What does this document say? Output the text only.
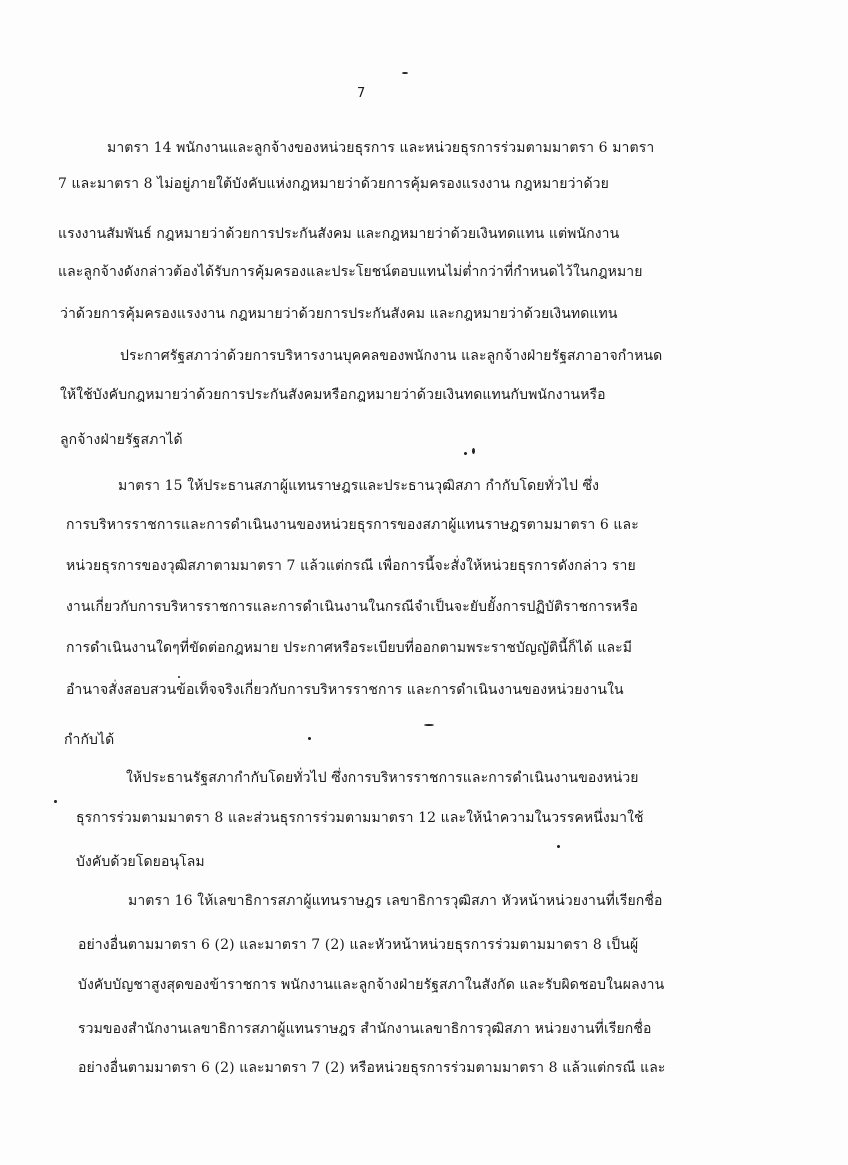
7
มาตรา 14 พนักงานและลูกจ้างของหน่วยธุรการ และหน่วยธุรการร่วมตามมาตรา 6 มาตรา
7 และมาตรา 8 ไม่อยู่ภายใต้บังคับแห่งกฎหมายว่าด้วยการคุ้มครองแรงงาน กฎหมายว่าด้วย
แรงงานสัมพันธ์ กฎหมายว่าด้วยการประกันสังคม และกฎหมายว่าด้วยเงินทดแทน แต่พนักงาน
และลูกจ้างดังกล่าวต้องได้รับการคุ้มครองและประโยชน์ตอบแทนไม่ต่ำกว่าที่กำหนดไว้ในกฎหมาย
ว่าด้วยการคุ้มครองแรงงาน กฎหมายว่าด้วยการประกันสังคม และกฎหมายว่าด้วยเงินทดแทน
ประกาศรัฐสภาว่าด้วยการบริหารงานบุคคลของพนักงาน และลูกจ้างฝ่ายรัฐสภาอาจกำหนด
ให้ใช้บังคับกฎหมายว่าด้วยการประกันสังคมหรือกฎหมายว่าด้วยเงินทดแทนกับพนักงานหรือ
ลูกจ้างฝ่ายรัฐสภาได้
มาตรา 15 ให้ประธานสภาผู้แทนราษฎรและประธานวุฒิสภา กำกับโดยทั่วไป ซึ่ง
การบริหารราชการและการดำเนินงานของหน่วยธุรการของสภาผู้แทนราษฎรตามมาตรา 6 และ
หน่วยธุรการของวุฒิสภาตามมาตรา 7 แล้วแต่กรณี เพื่อการนี้จะสั่งให้หน่วยธุรการดังกล่าว ราย
งานเกี่ยวกับการบริหารราชการและการดำเนินงานในกรณีจำเป็นจะยับยั้งการปฏิบัติราชการหรือ
การดำเนินงานใดๆที่ขัดต่อกฎหมาย ประกาศหรือระเบียบที่ออกตามพระราชบัญญัตินี้ก็ได้ และมี
อำนาจสั่งสอบสวนข้อเท็จจริงเกี่ยวกับการบริหารราชการ และการดำเนินงานของหน่วยงานใน
กำกับได้
ให้ประธานรัฐสภากำกับโดยทั่วไป ซึ่งการบริหารราชการและการดำเนินงานของหน่วย
ธุรการร่วมตามมาตรา 8 และส่วนธุรการร่วมตามมาตรา 12 และให้นำความในวรรคหนึ่งมาใช้
บังคับด้วยโดยอนุโลม
มาตรา 16 ให้เลขาธิการสภาผู้แทนราษฎร เลขาธิการวุฒิสภา หัวหน้าหน่วยงานที่เรียกชื่อ
อย่างอื่นตามมาตรา 6 (2) และมาตรา 7 (2) และหัวหน้าหน่วยธุรการร่วมตามมาตรา 8 เป็นผู้
บังคับบัญชาสูงสุดของข้าราชการ พนักงานและลูกจ้างฝ่ายรัฐสภาในสังกัด และรับผิดชอบในผลงาน
รวมของสำนักงานเลขาธิการสภาผู้แทนราษฎร สำนักงานเลขาธิการวุฒิสภา หน่วยงานที่เรียกชื่อ
อย่างอื่นตามมาตรา 6 (2) และมาตรา 7 (2) หรือหน่วยธุรการร่วมตามมาตรา 8 แล้วแต่กรณี และ
